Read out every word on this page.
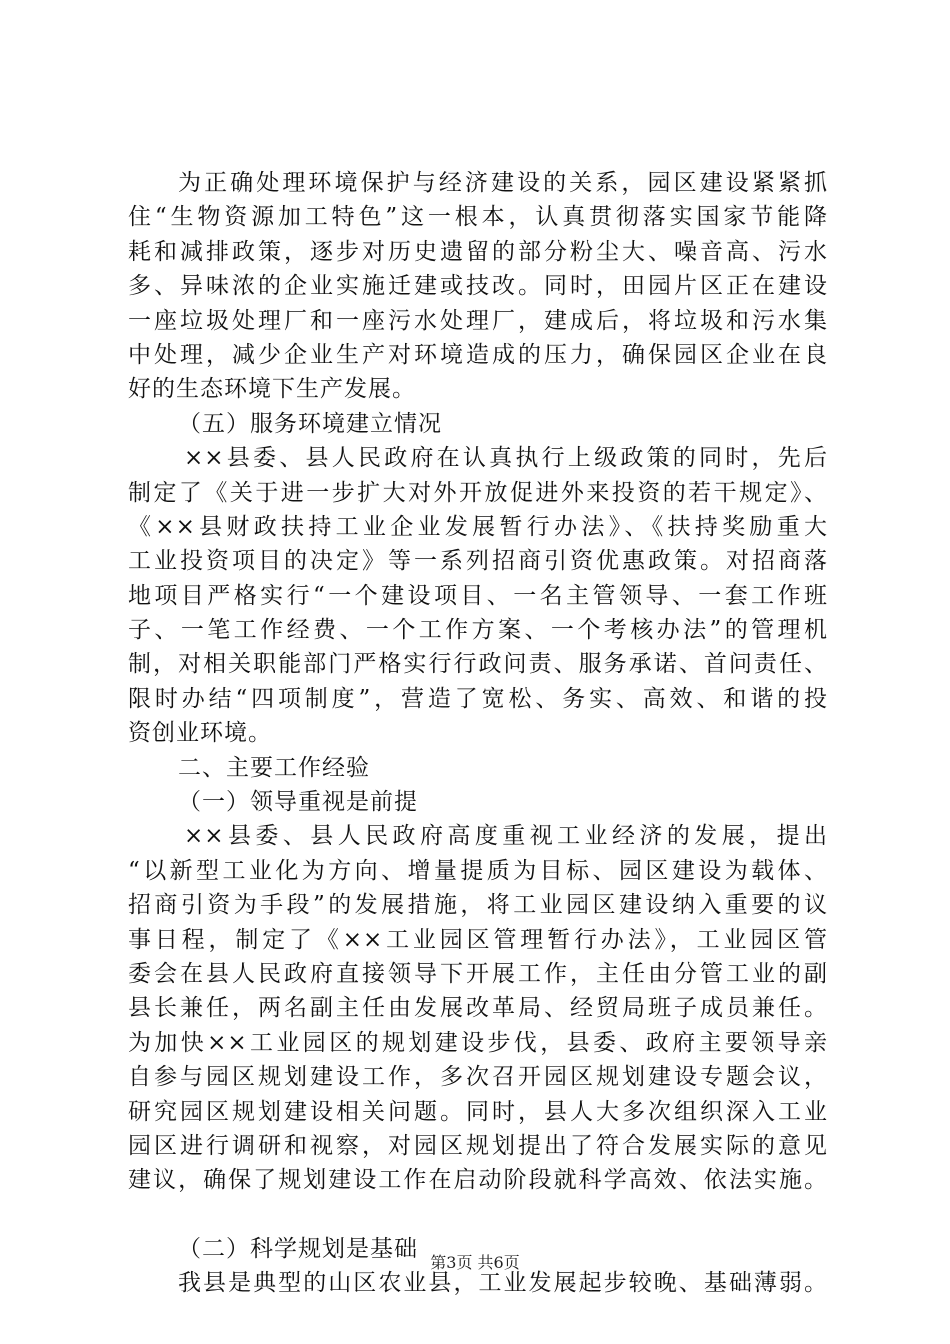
为正确处理环境保护与经济建设的关系，园区建设紧紧抓
住“生物资源加工特色”这一根本，认真贯彻落实国家节能降
耗和减排政策，逐步对历史遗留的部分粉尘大、噪音高、污水
多、异味浓的企业实施迁建或技改。同时，田园片区正在建设
一座垃圾处理厂和一座污水处理厂，建成后，将垃圾和污水集
中处理，减少企业生产对环境造成的压力，确保园区企业在良
好的生态环境下生产发展。
（五）服务环境建立情况
××县委、县人民政府在认真执行上级政策的同时，先后
制定了《关于进一步扩大对外开放促进外来投资的若干规定》、
《××县财政扶持工业企业发展暂行办法》、《扶持奖励重大
工业投资项目的决定》等一系列招商引资优惠政策。对招商落
地项目严格实行“一个建设项目、一名主管领导、一套工作班
子、一笔工作经费、一个工作方案、一个考核办法”的管理机
制，对相关职能部门严格实行行政问责、服务承诺、首问责任、
限时办结“四项制度”，营造了宽松、务实、高效、和谐的投
资创业环境。
二、主要工作经验
（一）领导重视是前提
××县委、县人民政府高度重视工业经济的发展，提出
“以新型工业化为方向、增量提质为目标、园区建设为载体、
招商引资为手段”的发展措施，将工业园区建设纳入重要的议
事日程，制定了《××工业园区管理暂行办法》，工业园区管
委会在县人民政府直接领导下开展工作，主任由分管工业的副
县长兼任，两名副主任由发展改革局、经贸局班子成员兼任。
为加快××工业园区的规划建设步伐，县委、政府主要领导亲
自参与园区规划建设工作，多次召开园区规划建设专题会议，
研究园区规划建设相关问题。同时，县人大多次组织深入工业
园区进行调研和视察，对园区规划提出了符合发展实际的意见
建议，确保了规划建设工作在启动阶段就科学高效、依法实施。
（二）科学规划是基础
我县是典型的山区农业县，工业发展起步较晚、基础薄弱。
第3页 共6页
